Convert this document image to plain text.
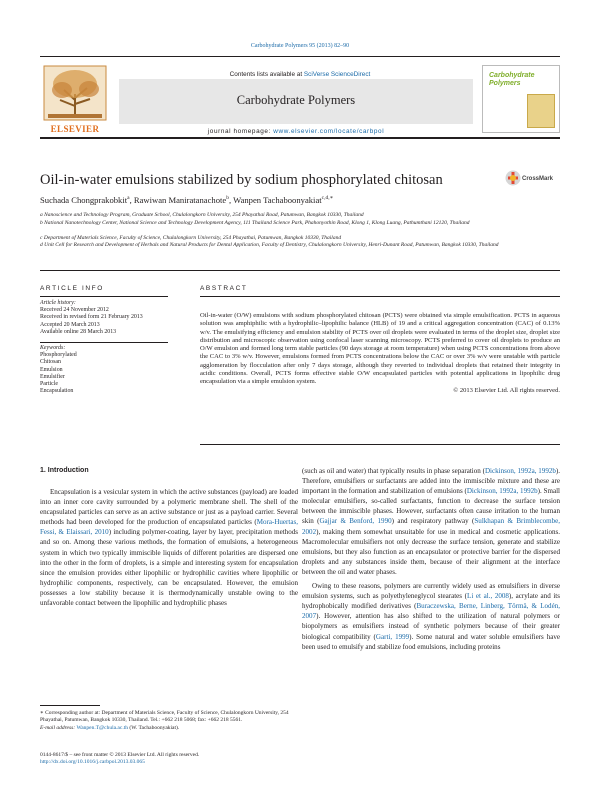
Carbohydrate Polymers 95 (2013) 82–90
ELSEVIER
Contents lists available at SciVerse ScienceDirect
Carbohydrate Polymers
journal homepage: www.elsevier.com/locate/carbpol
Carbohydrate Polymers
Oil-in-water emulsions stabilized by sodium phosphorylated chitosan	CrossMark
Suchada Chongprakobkit$^a$, Rawiwan Maniratanachote$^b$, Wanpen Tachaboonyakiat$^{c,d,∗}$
a Nanoscience and Technology Program, Graduate School, Chulalongkorn University, 254 Phayathai Road, Patumwan, Bangkok 10330, Thailand
b National Nanotechnology Center, National Science and Technology Development Agency, 111 Thailand Science Park, Phahonyothin Road, Klong 1, Klong Luang, Pathumthani 12120, Thailand
c Department of Materials Science, Faculty of Science, Chulalongkorn University, 254 Phayathai, Patumwan, Bangkok 10330, Thailand
d Unit Cell for Research and Development of Herbals and Natural Products for Dental Application, Faculty of Dentistry, Chulalongkorn University, Henri-Dunant Road, Patumwan, Bangkok 10330, Thailand
ARTICLE INFO
Article history:
Received 24 November 2012
Received in revised form 21 February 2013
Accepted 20 March 2013
Available online 28 March 2013
Keywords:
Phosphorylated
Chitosan
Emulsion
Emulsifier
Particle
Encapsulation
ABSTRACT
Oil-in-water (O/W) emulsions with sodium phosphorylated chitosan (PCTS) were obtained via simple emulsification. PCTS in aqueous solution was amphiphilic with a hydrophilic–lipophilic balance (HLB) of 19 and a critical aggregation concentration (CAC) of 0.13% w/v. The emulsifying efficiency and emulsion stability of PCTS over oil droplets were evaluated in terms of the droplet size, droplet size distribution and microscopic observation using confocal laser scanning microscopy. PCTS preferred to cover oil droplets to produce an O/W emulsion and formed long term stable particles (90 days storage at room temperature) when using PCTS concentrations from above the CAC to 3% w/v. However, emulsions formed from PCTS concentrations below the CAC or over 3% w/v were unstable with particle agglomeration by flocculation after only 7 days storage, although they reverted to individual droplets that retained their integrity in acidic conditions. Overall, PCTS forms effective stable O/W encapsulated particles with potential applications in lipophilic drug encapsulation via a simple emulsion system.
© 2013 Elsevier Ltd. All rights reserved.
1. Introduction

Encapsulation is a vesicular system in which the active substances (payload) are loaded into an inner core cavity surrounded by a polymeric membrane shell. The shell of the encapsulated particles can serve as an active substance or just as a payload carrier. Several methods had been developed for the production of encapsulated particles (Mora-Huertas, Fessi, & Elaissari, 2010) including polymer-coating, layer by layer, precipitation methods and so on. Among these various methods, the formation of emulsions, a heterogeneous system in which two typically immiscible liquids of different polarities are dispersed one into the other in the form of droplets, is a simple and interesting system for encapsulation since the emulsion provides either lipophilic or hydrophilic cavities where lipophilic or hydrophilic components, respectively, can be encapsulated. However, the emulsion possesses a low stability because it is thermodynamically unstable owing to the unfavorable contact between the lipophilic and hydrophilic phases

(such as oil and water) that typically results in phase separation (Dickinson, 1992a, 1992b). Therefore, emulsifiers or surfactants are added into the immiscible mixture and these are important in the formation and stabilization of emulsions (Dickinson, 1992a, 1992b). Small molecular emulsifiers, so-called surfactants, function to decrease the surface tension between the immiscible phases. However, surfactants often cause irritation to the human skin (Gajjar & Benford, 1990) and respiratory pathway (Sulkhapan & Brimblecombe, 2002), making them somewhat unsuitable for use in medical and cosmetic applications. Macromolecular emulsifiers not only decrease the surface tension, generate and stabilize emulsions, but they also function as an encapsulator or protective barrier for the dispersed droplets and any substances inside them, because of their alignment at the interface between the oil and water phases.

Owing to these reasons, polymers are currently widely used as emulsifiers in diverse emulsion systems, such as polyethyleneglycol stearates (Li et al., 2008), acrylate and its hydrophobically modified derivatives (Buraczewska, Berne, Linberg, Törmä, & Lodén, 2007). However, attention has also shifted to the utilization of natural polymers or biopolymers as emulsifiers instead of synthetic polymers because of their greater biological compatibility (Garti, 1999). Some natural and water soluble emulsifiers have been used to emulsify and stabilize food emulsions, including proteins

∗ Corresponding author at: Department of Materials Science, Faculty of Science, Chulalongkorn University, 254 Phayathai, Patumwan, Bangkok 10330, Thailand. Tel.: +662 218 5068; fax: +662 218 5561.
E-mail address: Wanpen.T@chula.ac.th (W. Tachaboonyakiat).
0144-8617/$ – see front matter © 2013 Elsevier Ltd. All rights reserved.
http://dx.doi.org/10.1016/j.carbpol.2013.03.065
